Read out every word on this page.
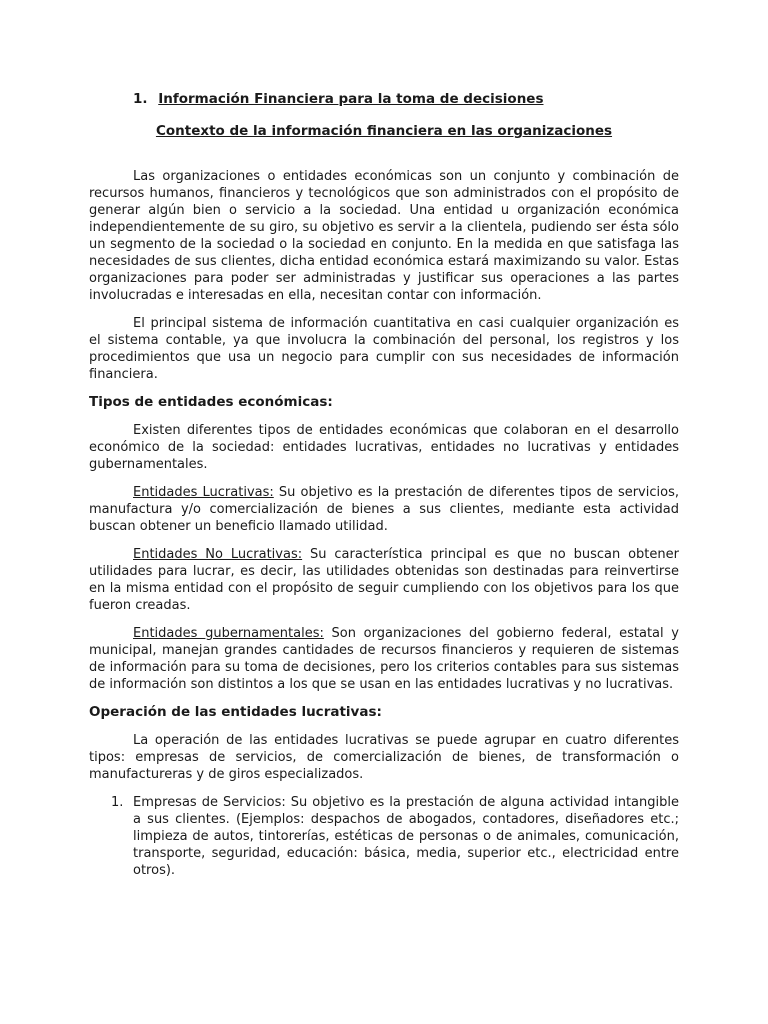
1. Información Financiera para la toma de decisiones
Contexto de la información financiera en las organizaciones

Las organizaciones o entidades económicas son un conjunto y combinación de recursos humanos, financieros y tecnológicos que son administrados con el propósito de generar algún bien o servicio a la sociedad. Una entidad u organización económica independientemente de su giro, su objetivo es servir a la clientela, pudiendo ser ésta sólo un segmento de la sociedad o la sociedad en conjunto. En la medida en que satisfaga las necesidades de sus clientes, dicha entidad económica estará maximizando su valor. Estas organizaciones para poder ser administradas y justificar sus operaciones a las partes involucradas e interesadas en ella, necesitan contar con información.

El principal sistema de información cuantitativa en casi cualquier organización es el sistema contable, ya que involucra la combinación del personal, los registros y los procedimientos que usa un negocio para cumplir con sus necesidades de información financiera.

Tipos de entidades económicas:

Existen diferentes tipos de entidades económicas que colaboran en el desarrollo económico de la sociedad: entidades lucrativas, entidades no lucrativas y entidades gubernamentales.

Entidades Lucrativas: Su objetivo es la prestación de diferentes tipos de servicios, manufactura y/o comercialización de bienes a sus clientes, mediante esta actividad buscan obtener un beneficio llamado utilidad.

Entidades No Lucrativas: Su característica principal es que no buscan obtener utilidades para lucrar, es decir, las utilidades obtenidas son destinadas para reinvertirse en la misma entidad con el propósito de seguir cumpliendo con los objetivos para los que fueron creadas.

Entidades gubernamentales: Son organizaciones del gobierno federal, estatal y municipal, manejan grandes cantidades de recursos financieros y requieren de sistemas de información para su toma de decisiones, pero los criterios contables para sus sistemas de información son distintos a los que se usan en las entidades lucrativas y no lucrativas.

Operación de las entidades lucrativas:

La operación de las entidades lucrativas se puede agrupar en cuatro diferentes tipos: empresas de servicios, de comercialización de bienes, de transformación o manufactureras y de giros especializados.

1. Empresas de Servicios: Su objetivo es la prestación de alguna actividad intangible a sus clientes. (Ejemplos: despachos de abogados, contadores, diseñadores etc.; limpieza de autos, tintorerías, estéticas de personas o de animales, comunicación, transporte, seguridad, educación: básica, media, superior etc., electricidad entre otros).
